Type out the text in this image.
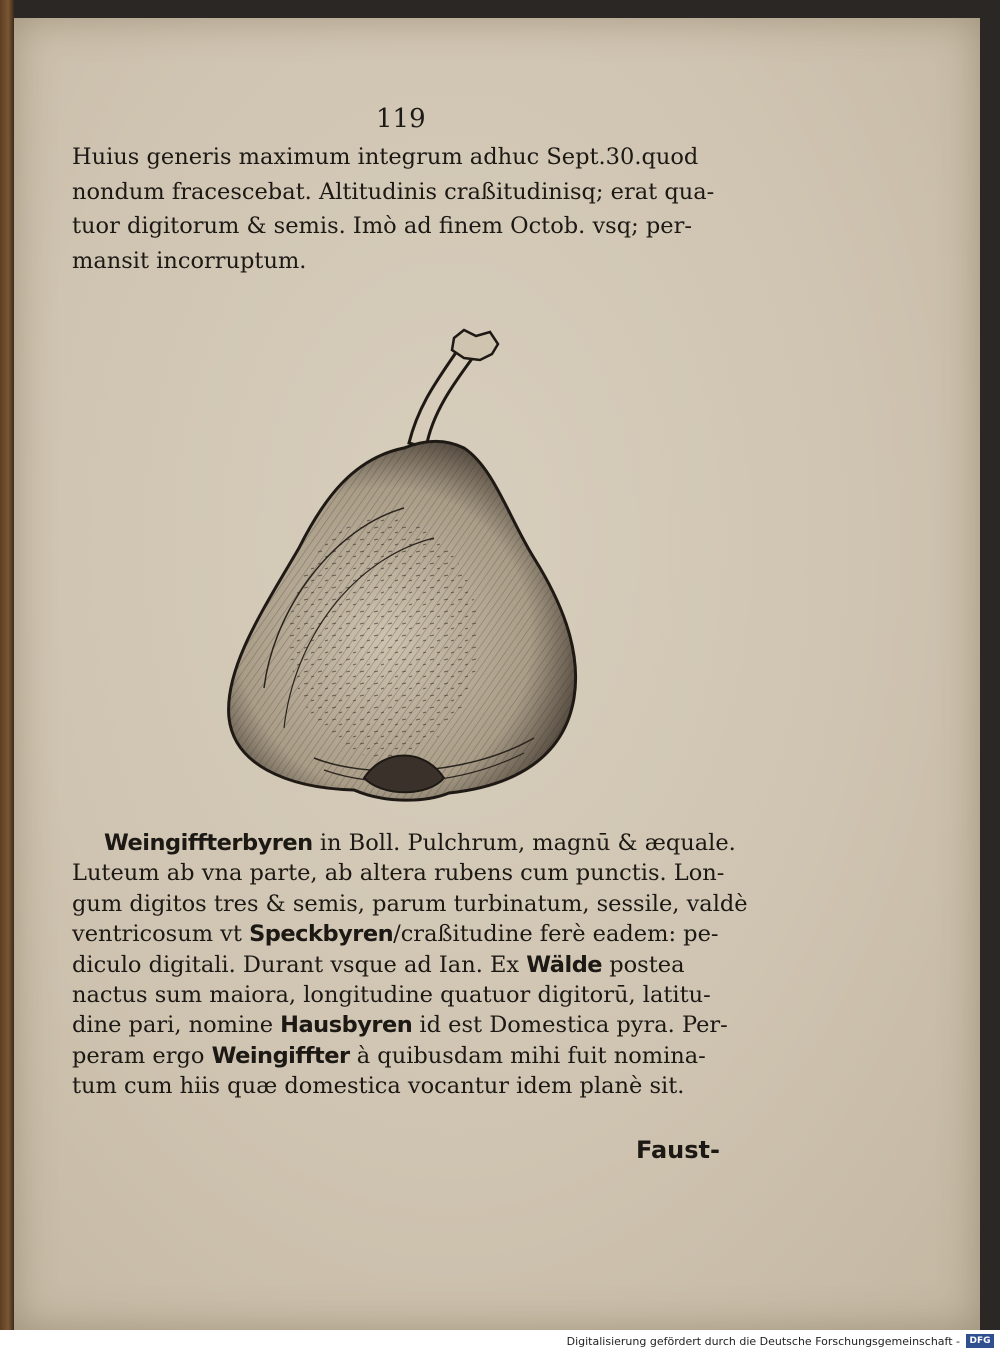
119
Huius generis maximum integrum adhuc Sept.30.quod
nondum fracescebat. Altitudinis craßitudinisq; erat qua-
tuor digitorum & semis. Imò ad finem Octob. vsq; per-
mansit incorruptum.
Weingiffterbyren in Boll. Pulchrum, magnū & æquale.
Luteum ab vna parte, ab altera rubens cum punctis. Lon-
gum digitos tres & semis, parum turbinatum, sessile, valdè
ventricosum vt Speckbyren/craßitudine ferè eadem: pe-
diculo digitali. Durant vsque ad Ian. Ex Wälde postea
nactus sum maiora, longitudine quatuor digitorū, latitu-
dine pari, nomine Hausbyren id est Domestica pyra. Per-
peram ergo Weingiffter à quibusdam mihi fuit nomina-
tum cum hiis quæ domestica vocantur idem planè sit.
Faust-
Digitalisierung gefördert durch die Deutsche Forschungsgemeinschaft -	DFG
